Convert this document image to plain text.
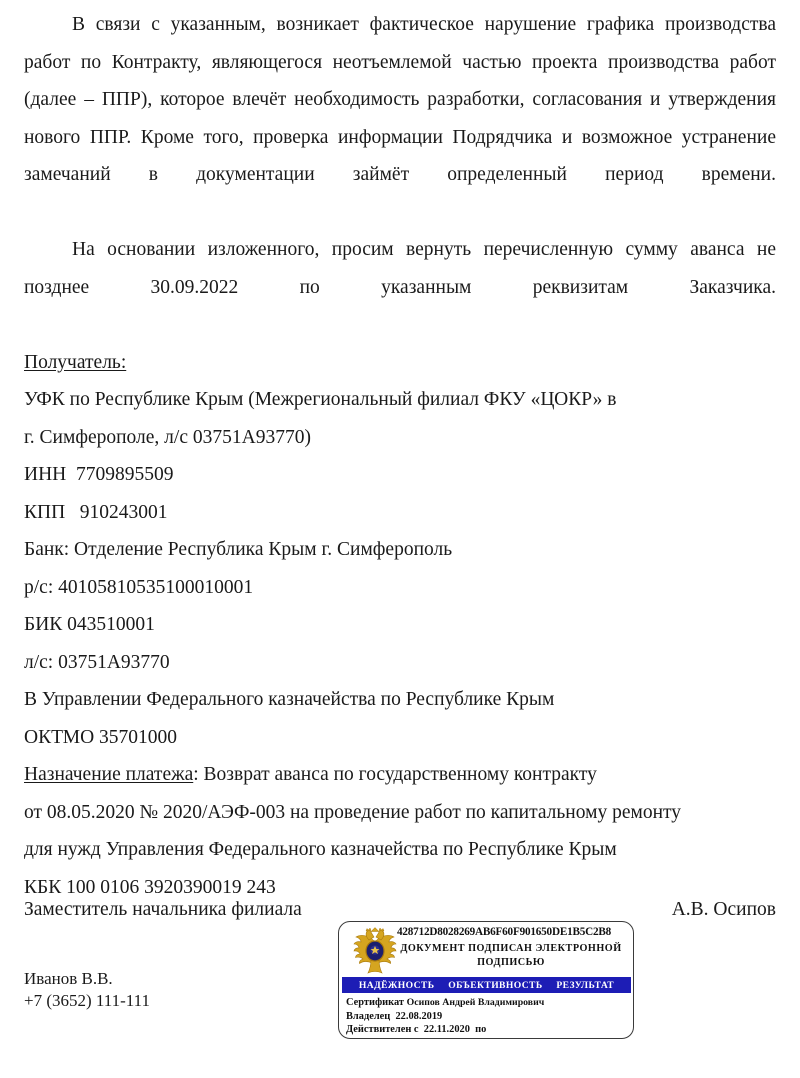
В связи с указанным, возникает фактическое нарушение графика производства работ по Контракту, являющегося неотъемлемой частью проекта производства работ (далее – ППР), которое влечёт необходимость разработки, согласования и утверждения нового ППР. Кроме того, проверка информации Подрядчика и возможное устранение замечаний в документации займёт определенный период времени.

На основании изложенного, просим вернуть перечисленную сумму аванса не позднее 30.09.2022 по указанным реквизитам Заказчика.

Получатель:
УФК по Республике Крым (Межрегиональный филиал ФКУ «ЦОКР» в
г. Симферополе, л/с 03751А93770)
ИНН  7709895509
КПП   910243001
Банк: Отделение Республика Крым г. Симферополь
р/с: 40105810535100010001
БИК 043510001
л/с: 03751А93770
В Управлении Федерального казначейства по Республике Крым
ОКТМО 35701000
Назначение платежа: Возврат аванса по государственному контракту
от 08.05.2020 № 2020/АЭФ-003 на проведение работ по капитальному ремонту
для нужд Управления Федерального казначейства по Республике Крым
КБК 100 0106 3920390019 243
Заместитель начальника филиала	А.В. Осипов
Иванов В.В.
+7 (3652) 111-111
428712D8028269AB6F60F901650DE1B5C2B8
ДОКУМЕНТ ПОДПИСАН ЭЛЕКТРОННОЙ
ПОДПИСЬЮ
НАДЁЖНОСТЬ ОБЪЕКТИВНОСТЬ РЕЗУЛЬТАТ
Сертификат Осипов Андрей Владимирович
Владелец 22.08.2019
Действителен с 22.11.2020 по
